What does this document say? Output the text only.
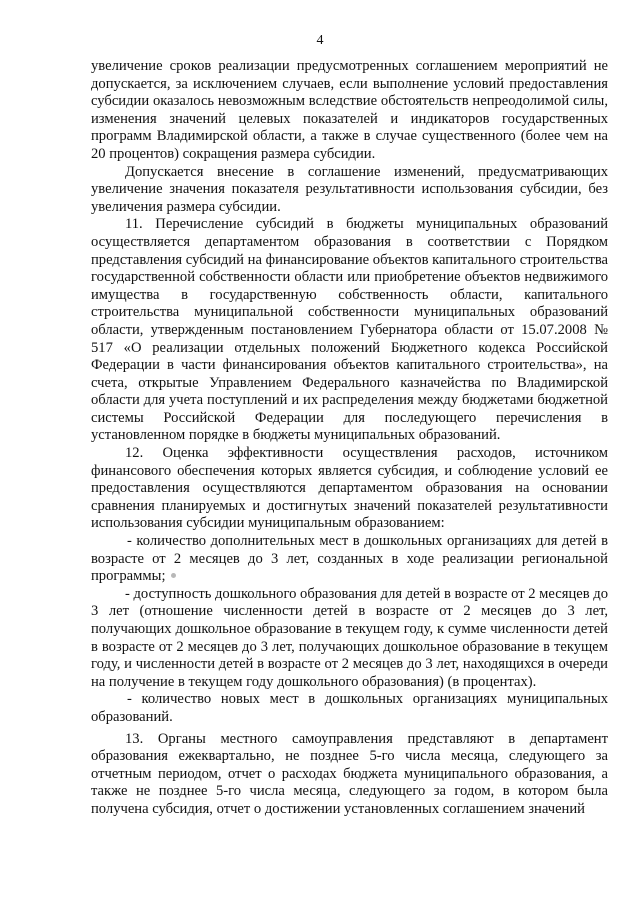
4

увеличение сроков реализации предусмотренных соглашением мероприятий не допускается, за исключением случаев, если выполнение условий предоставления субсидии оказалось невозможным вследствие обстоятельств непреодолимой силы, изменения значений целевых показателей и индикаторов государственных программ Владимирской области, а также в случае существенного (более чем на 20 процентов) сокращения размера субсидии.

Допускается внесение в соглашение изменений, предусматривающих увеличение значения показателя результативности использования субсидии, без увеличения размера субсидии.

11. Перечисление субсидий в бюджеты муниципальных образований осуществляется департаментом образования в соответствии с Порядком представления субсидий на финансирование объектов капитального строительства государственной собственности области или приобретение объектов недвижимого имущества в государственную собственность области, капитального строительства муниципальной собственности муниципальных образований области, утвержденным постановлением Губернатора области от 15.07.2008 № 517 «О реализации отдельных положений Бюджетного кодекса Российской Федерации в части финансирования объектов капитального строительства», на счета, открытые Управлением Федерального казначейства по Владимирской области для учета поступлений и их распределения между бюджетами бюджетной системы Российской Федерации для последующего перечисления в установленном порядке в бюджеты муниципальных образований.

12. Оценка эффективности осуществления расходов, источником финансового обеспечения которых является субсидия, и соблюдение условий ее предоставления осуществляются департаментом образования на основании сравнения планируемых и достигнутых значений показателей результативности использования субсидии муниципальным образованием:

- количество дополнительных мест в дошкольных организациях для детей в возрасте от 2 месяцев до 3 лет, созданных в ходе реализации региональной программы;

- доступность дошкольного образования для детей в возрасте от 2 месяцев до 3 лет (отношение численности детей в возрасте от 2 месяцев до 3 лет, получающих дошкольное образование в текущем году, к сумме численности детей в возрасте от 2 месяцев до 3 лет, получающих дошкольное образование в текущем году, и численности детей в возрасте от 2 месяцев до 3 лет, находящихся в очереди на получение в текущем году дошкольного образования) (в процентах).

- количество новых мест в дошкольных организациях муниципальных образований.

13. Органы местного самоуправления представляют в департамент образования ежеквартально, не позднее 5-го числа месяца, следующего за отчетным периодом, отчет о расходах бюджета муниципального образования, а также не позднее 5-го числа месяца, следующего за годом, в котором была получена субсидия, отчет о достижении установленных соглашением значений
